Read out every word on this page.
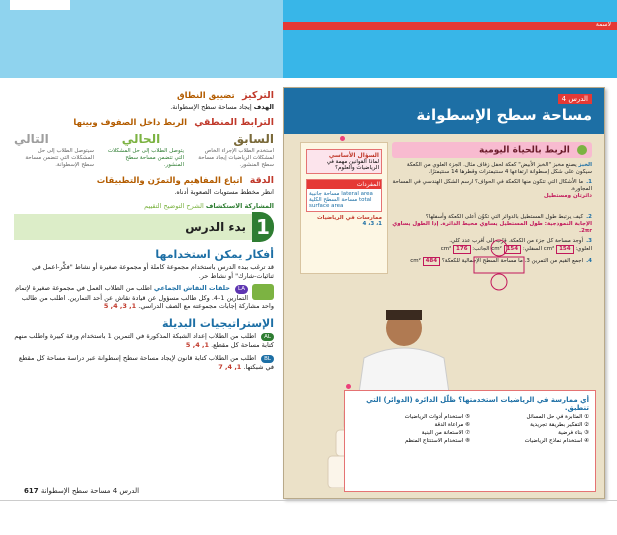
لاسمة
التركيز تضييق النطاق
الهدف إيجاد مساحة سطح الإسطوانة.
الترابط المنطقي الربط داخل الصفوف وبينها
السابق
الحالي
التالي
استخدم الطلاب الإجراء الخاص لمشكلات الرياضيات إيجاد مساحة سطح المنشور.
يتوصل الطلاب إلى حل المشكلات التي تتضمن مساحة سطح المنشور.
سيتوصل الطلاب إلى حل المشكلات التي تتضمن مساحة سطح الإسطوانة.
الدقة اتباع المفاهيم والتمرّن والتطبيقات
انظر مخطط مستويات الصعوبة أدناه.
المشاركة الاستكشاف الشرح التوضيح التقييم
1
بدء الدرس
أفكار يمكن استخدامها
قد ترغب ببدء الدرس باستخدام مجموعة كاملة أو مجموعة صغيرة أو نشاط "فكِّر-اعمل في ثنائيات-شارك" أو نشاط حر.
LA حلقات النقاش الجماعي اطلب من الطلاب العمل في مجموعة صغيرة لإتمام التمارين 1-4. وكل طالب مسؤول عن قيادة نقاش عن أحد التمارين. اطلب من طالب واحد مشاركة إجابات مجموعته مع الصف الدراسي. 1, 3, 4, 5
الإستراتيجيات البديلة
AL اطلب من الطلاب إعداد الشبكة المذكورة في التمرين 1 باستخدام ورقة كبيرة واطلب منهم كتابة مساحة كل مقطع. 1, 4, 5
BL اطلب من الطلاب كتابة قانون لإيجاد مساحة سطح إسطوانة عبر دراسة مساحة كل مقطع في شبكتها. 1, 4, 7
الدرس 4 مساحة سطح الإسطوانة 617
الدرس 4
مساحة سطح الإسطوانة
السؤال الأساسي
لماذا القوانين مهمة في الرياضيات والعلوم؟
المفردات
مساحة جانبية lateral area
مساحة السطح الكلية total surface area
ممارسات في الرياضيات
1، 3، 4
الربط بالحياة اليومية
الخبز يصنع مخبز "الخبز الأبيض" كعكة لحفل زفاف مثال. الجزء العلوي من الكعكة سيكون على شكل إسطوانة ارتفاعها 4 سنتيمترات وقطرها 14 سنتيمترًا.
1.ما الأشكال التي تتكون منها الكعكة في الحواف؟ ارسم الشكل الهندسي في المساحة المجاورة.
دائرتان ومستطيل
2.كيف يرتبط طول المستطيل بالدوائر التي تكوّن أعلى الكعكة وأسفلها؟
الإجابة النموذجية: طول المستطيل يساوي محيط الدائرة. إذا الطول يساوي 2πr.
3.أوجد مساحة كل جزء من الكعكة. قرّب إلى أقرب عدد كلي.
العلوي: 154 cm² السفلي: 154 cm² الجانب: 176 cm²
4.اجمع القيم من التمرين 3. ما مساحة السطح الإجمالية للكعكة؟ 484 cm²
أي ممارسة في الرياضيات استخدمتها؟ ظلّل الدائرة (الدوائر) التي تنطبق.
① المثابرة في حل المسائل
② التفكير بطريقة تجريدية
③ بناء فرضية
④ استخدام نماذج الرياضيات
⑤ استخدام أدوات الرياضيات
⑥ مراعاة الدقة
⑦ الاستعانة من البنية
⑧ استخدام الاستنتاج المنظم
